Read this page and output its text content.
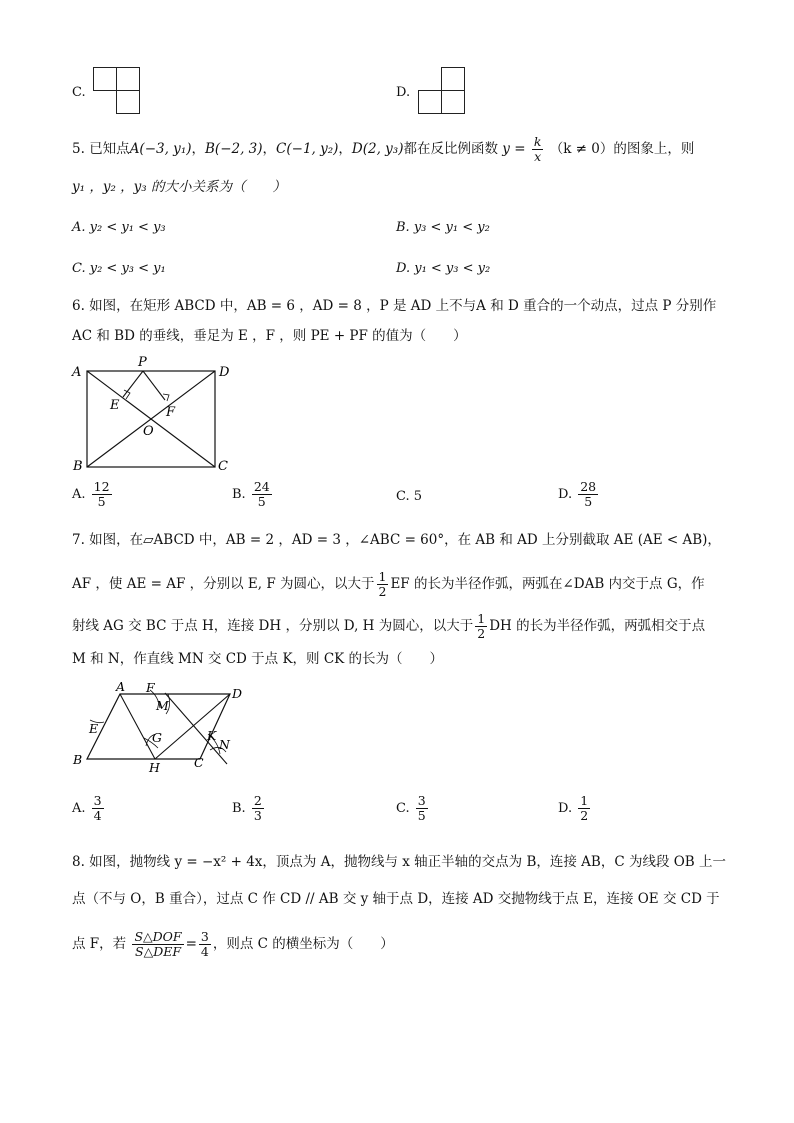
C.	D.
5. 已知点A(−3, y₁)，B(−2, 3)，C(−1, y₂)，D(2, y₃)都在反比例函数 $y = \frac{k}{x} (k \ne 0)$的图象上，则
y₁ ，y₂ ，y₃ 的大小关系为（　　）
A. y₂ < y₁ < y₃	B. y₃ < y₁ < y₂
C. y₂ < y₃ < y₁	D. y₁ < y₃ < y₂
6. 如图，在矩形 ABCD 中，AB = 6 ，AD = 8 ，P 是 AD 上不与A 和 D 重合的一个动点，过点 P 分别作
AC 和 BD 的垂线，垂足为 E ，F ，则 PE + PF 的值为（　　）
A	D
B	C
P
E	F
O
A. $\frac{12}{5}$	B. $\frac{24}{5}$	C. 5	D. $\frac{28}{5}$
7. 如图，在▱ABCD 中，AB = 2 ，AD = 3 ，∠ABC = 60°，在 AB 和 AD 上分别截取 AE (AE < AB)，
AF ，使 AE = AF ，分别以 E, F 为圆心，以大于 $\frac{1}{2}$ EF 的长为半径作弧，两弧在∠DAB 内交于点 G，作
射线 AG 交 BC 于点 H，连接 DH ，分别以 D, H 为圆心，以大于 $\frac{1}{2}$ DH 的长为半径作弧，两弧相交于点
M 和 N，作直线 MN 交 CD 于点 K，则 CK 的长为（　　）
A F	D
M
E
G	K
N
B
H	C
A. $\frac{3}{4}$	B. $\frac{2}{3}$	C. $\frac{3}{5}$	D. $\frac{1}{2}$
8. 如图，抛物线 y = −x² + 4x，顶点为 A，抛物线与 x 轴正半轴的交点为 B，连接 AB，C 为线段 OB 上一
点（不与 O，B 重合），过点 C 作 CD // AB 交 y 轴于点 D，连接 AD 交抛物线于点 E，连接 OE 交 CD 于
点 F，若 $\frac{\text{S△DOF}}{\text{S△DEF}} = \frac{3}{4}$ ，则点 C 的横坐标为（　　）
